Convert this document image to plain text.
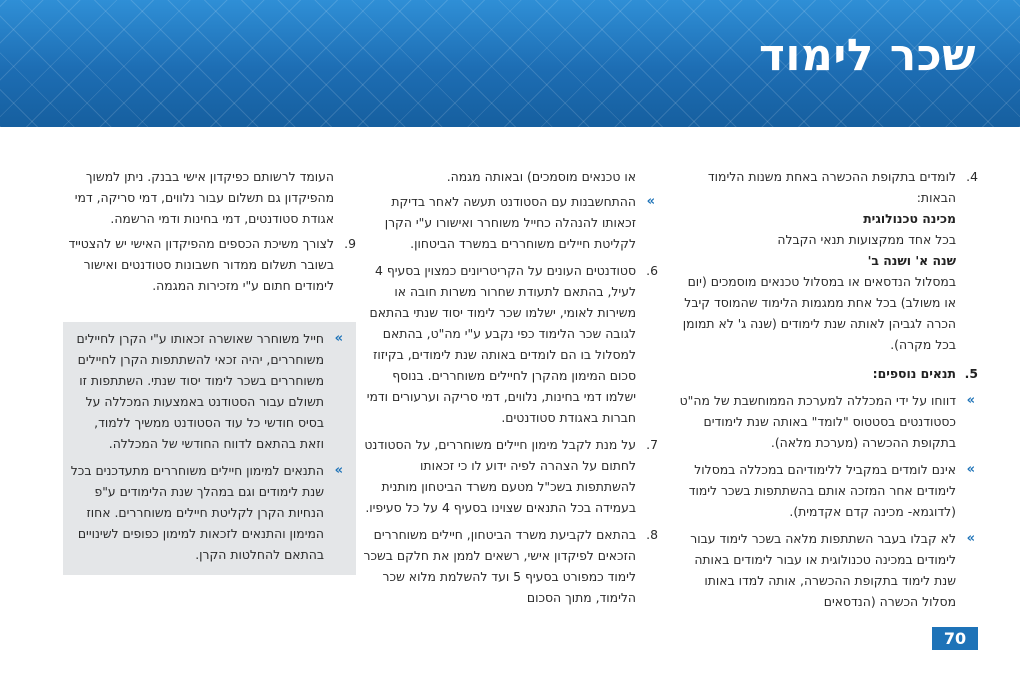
שכר לימוד
4.
לומדים בתקופת ההכשרה באחת משנות הלימוד הבאות:
מכינה טכנולוגית
בכל אחד ממקצועות תנאי הקבלה
שנה א' ושנה ב'
במסלול הנדסאים או במסלול טכנאים מוסמכים (יום או משולב) בכל אחת ממגמות הלימוד שהמוסד קיבל הכרה לגביהן לאותה שנת לימודים (שנה ג' לא תמומן בכל מקרה).
5.
תנאים נוספים:
»
דווחו על ידי המכללה למערכת הממוחשבת של מה"ט כסטודנטים בסטטוס "לומד" באותה שנת לימודים בתקופת ההכשרה (מערכת מלאה).
»
אינם לומדים במקביל ללימודיהם במכללה במסלול לימודים אחר המזכה אותם בהשתתפות בשכר לימוד (לדוגמא- מכינה קדם אקדמית).
»
לא קבלו בעבר השתתפות מלאה בשכר לימוד עבור לימודים במכינה טכנולוגית או עבור לימודים באותה שנת לימוד בתקופת ההכשרה, אותה למדו באותו מסלול הכשרה (הנדסאים
או טכנאים מוסמכים) ובאותה מגמה.
»
ההתחשבנות עם הסטודנט תעשה לאחר בדיקת זכאותו להנהלה כחייל משוחרר ואישורו ע"י הקרן לקליטת חיילים משוחררים במשרד הביטחון.
6.
סטודנטים העונים על הקריטריונים כמצוין בסעיף 4 לעיל, בהתאם לתעודת שחרור משרות חובה או משירות לאומי, ישלמו שכר לימוד יסוד שנתי בהתאם לגובה שכר הלימוד כפי נקבע ע"י מה"ט, בהתאם למסלול בו הם לומדים באותה שנת לימודים, בקיזוז סכום המימון מהקרן לחיילים משוחררים. בנוסף ישלמו דמי בחינות, נלווים, דמי סריקה וערעורים ודמי חברות באגודת סטודנטים.
7.
על מנת לקבל מימון חיילים משוחררים, על הסטודנט לחתום על הצהרה לפיה ידוע לו כי זכאותו להשתתפות בשכ"ל מטעם משרד הביטחון מותנית בעמידה בכל התנאים שצוינו בסעיף 4 על כל סעיפיו.
8.
בהתאם לקביעת משרד הביטחון, חיילים משוחררים הזכאים לפיקדון אישי, רשאים לממן את חלקם בשכר לימוד כמפורט בסעיף 5 ועד להשלמת מלוא שכר הלימוד, מתוך הסכום
העומד לרשותם כפיקדון אישי בבנק. ניתן למשוך מהפיקדון גם תשלום עבור נלווים, דמי סריקה, דמי אגודת סטודנטים, דמי בחינות ודמי הרשמה.
9.
לצורך משיכת הכספים מהפיקדון האישי יש להצטייד בשובר תשלום ממדור חשבונות סטודנטים ואישור לימודים חתום ע"י מזכירות המגמה.
»
חייל משוחרר שאושרה זכאותו ע"י הקרן לחיילים משוחררים, יהיה זכאי להשתתפות הקרן לחיילים משוחררים בשכר לימוד יסוד שנתי. השתתפות זו תשולם עבור הסטודנט באמצעות המכללה על בסיס חודשי כל עוד הסטודנט ממשיך ללמוד, וזאת בהתאם לדווח החודשי של המכללה.
»
התנאים למימון חיילים משוחררים מתעדכנים בכל שנת לימודים וגם במהלך שנת הלימודים ע"פ הנחיות הקרן לקליטת חיילים משוחררים. אחוז המימון והתנאים לזכאות למימון כפופים לשינויים בהתאם להחלטות הקרן.
70
